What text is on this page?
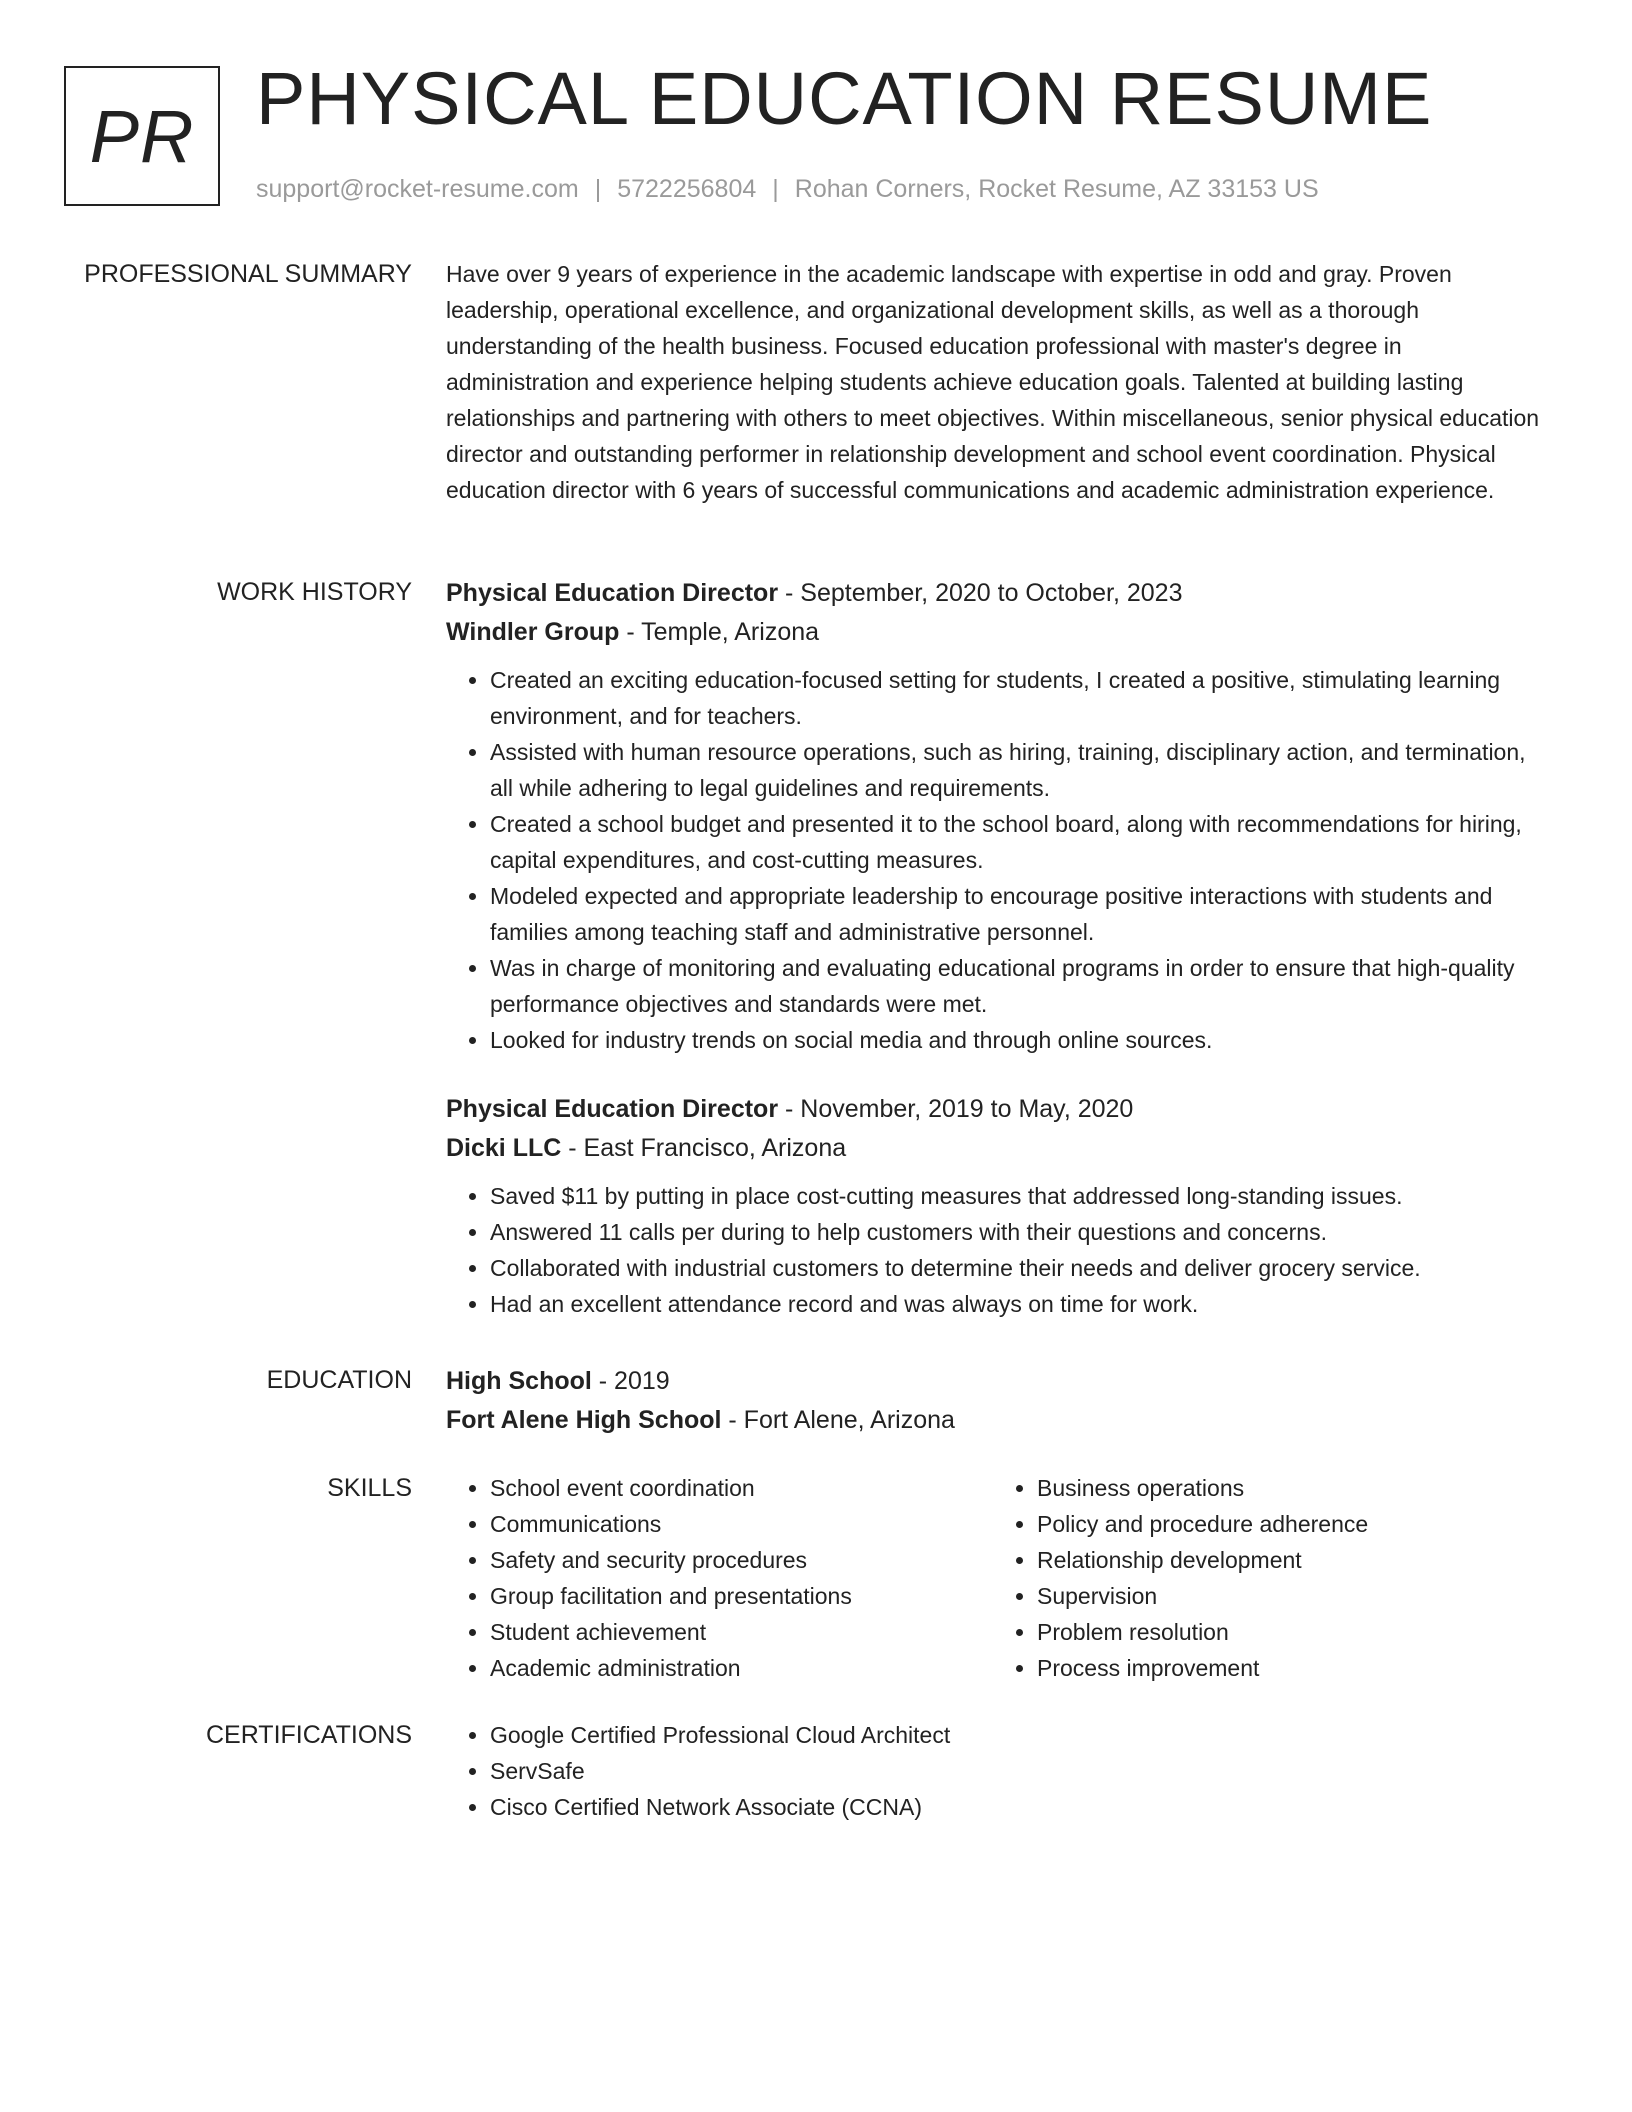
PR PHYSICAL EDUCATION RESUME
support@rocket-resume.com | 5722256804 | Rohan Corners, Rocket Resume, AZ 33153 US
PROFESSIONAL SUMMARY Have over 9 years of experience in the academic landscape with expertise in odd and gray. Proven leadership, operational excellence, and organizational development skills, as well as a thorough understanding of the health business. Focused education professional with master's degree in administration and experience helping students achieve education goals. Talented at building lasting relationships and partnering with others to meet objectives. Within miscellaneous, senior physical education director and outstanding performer in relationship development and school event coordination. Physical education director with 6 years of successful communications and academic administration experience.
WORK HISTORY Physical Education Director - September, 2020 to October, 2023
Windler Group - Temple, Arizona
• Created an exciting education-focused setting for students, I created a positive, stimulating learning environment, and for teachers.
• Assisted with human resource operations, such as hiring, training, disciplinary action, and termination, all while adhering to legal guidelines and requirements.
• Created a school budget and presented it to the school board, along with recommendations for hiring, capital expenditures, and cost-cutting measures.
• Modeled expected and appropriate leadership to encourage positive interactions with students and families among teaching staff and administrative personnel.
• Was in charge of monitoring and evaluating educational programs in order to ensure that high-quality performance objectives and standards were met.
• Looked for industry trends on social media and through online sources.
Physical Education Director - November, 2019 to May, 2020
Dicki LLC - East Francisco, Arizona
• Saved $11 by putting in place cost-cutting measures that addressed long-standing issues.
• Answered 11 calls per during to help customers with their questions and concerns.
• Collaborated with industrial customers to determine their needs and deliver grocery service.
• Had an excellent attendance record and was always on time for work.
EDUCATION High School - 2019
Fort Alene High School - Fort Alene, Arizona
SKILLS	• School event coordination
• Communications
• Safety and security procedures
• Group facilitation and presentations
• Student achievement
• Academic administration
• Business operations
• Policy and procedure adherence
• Relationship development
• Supervision
• Problem resolution
• Process improvement
CERTIFICATIONS	• Google Certified Professional Cloud Architect
• ServSafe
• Cisco Certified Network Associate (CCNA)
